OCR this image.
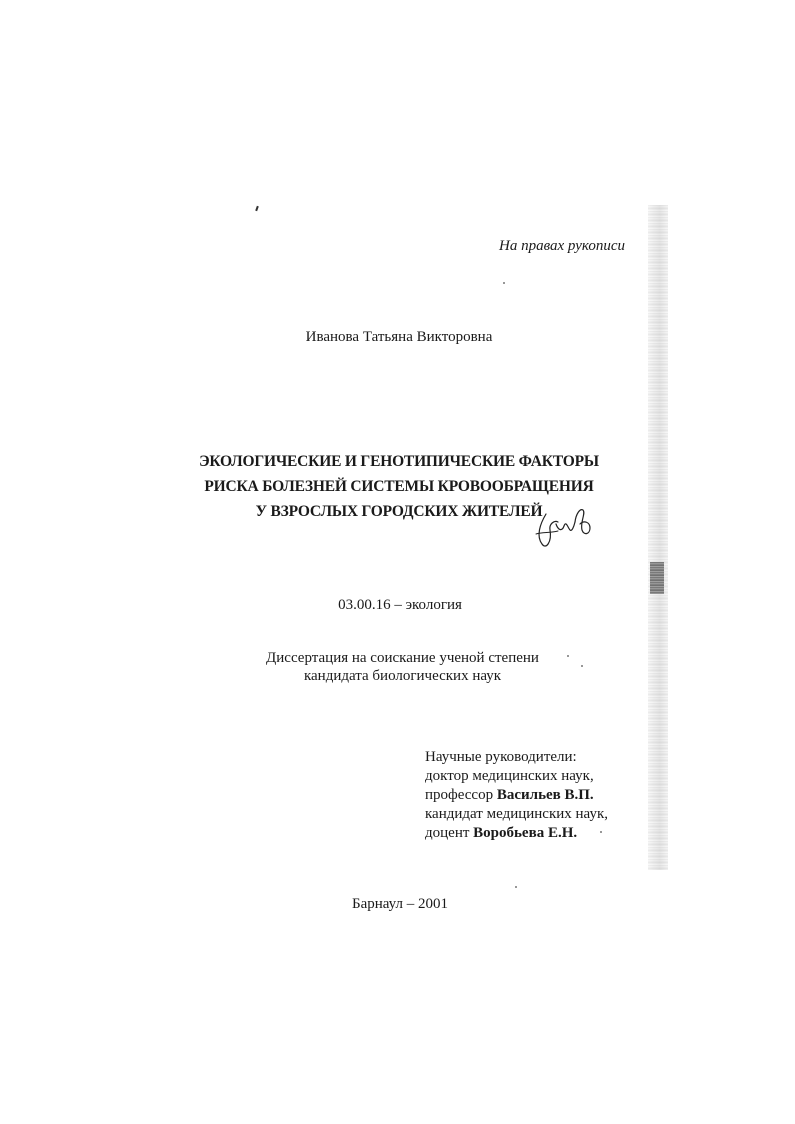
На правах рукописи
Иванова Татьяна Викторовна
ЭКОЛОГИЧЕСКИЕ И ГЕНОТИПИЧЕСКИЕ ФАКТОРЫ
РИСКА БОЛЕЗНЕЙ СИСТЕМЫ КРОВООБРАЩЕНИЯ
У ВЗРОСЛЫХ ГОРОДСКИХ ЖИТЕЛЕЙ
03.00.16 – экология
Диссертация на соискание ученой степени
кандидата биологических наук
Научные руководители:
доктор медицинских наук,
профессор Васильев В.П.
кандидат медицинских наук,
доцент Воробьева Е.Н.
Барнаул – 2001
